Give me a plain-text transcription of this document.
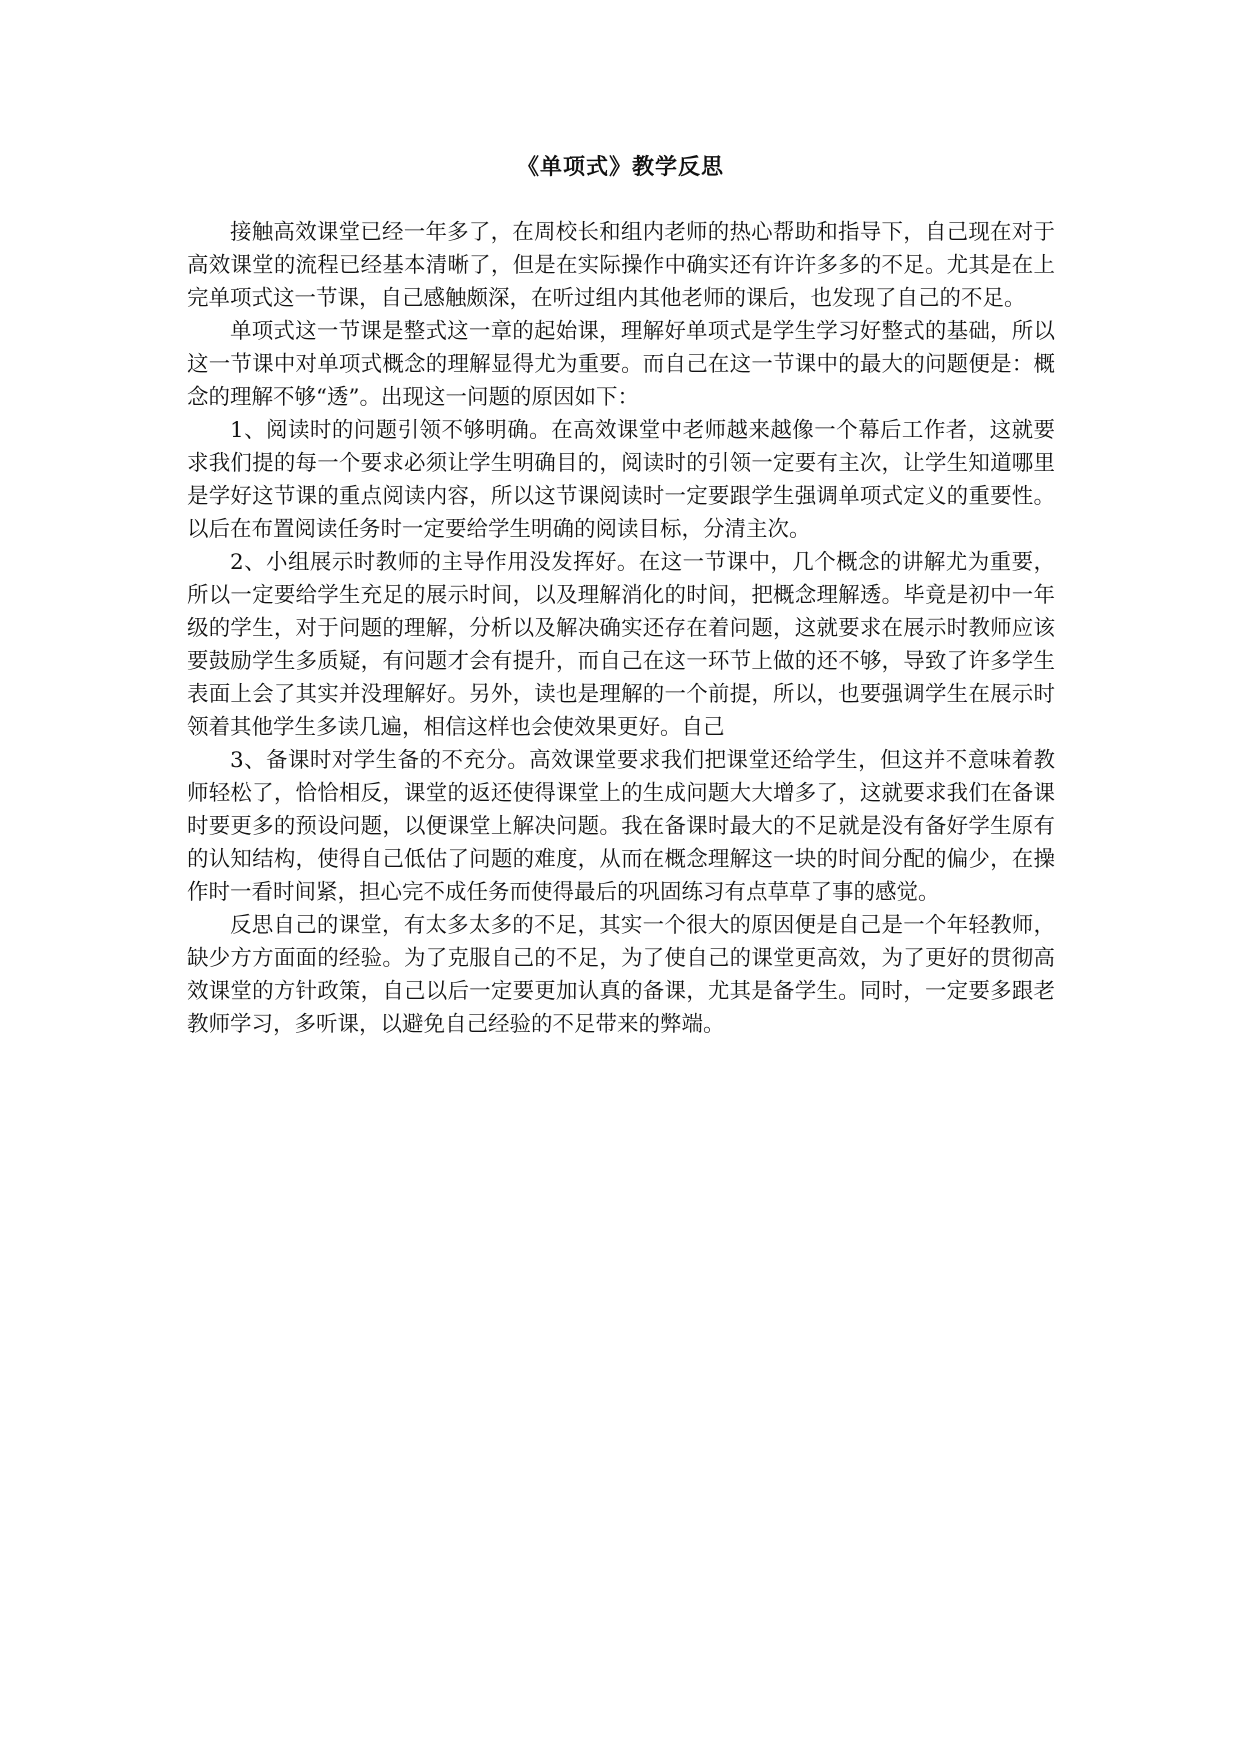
《单项式》教学反思

接触高效课堂已经一年多了，在周校长和组内老师的热心帮助和指导下，自己现在对于高效课堂的流程已经基本清晰了，但是在实际操作中确实还有许许多多的不足。尤其是在上完单项式这一节课，自己感触颇深，在听过组内其他老师的课后，也发现了自己的不足。

单项式这一节课是整式这一章的起始课，理解好单项式是学生学习好整式的基础，所以这一节课中对单项式概念的理解显得尤为重要。而自己在这一节课中的最大的问题便是：概念的理解不够“透”。出现这一问题的原因如下：

1、阅读时的问题引领不够明确。在高效课堂中老师越来越像一个幕后工作者，这就要求我们提的每一个要求必须让学生明确目的，阅读时的引领一定要有主次，让学生知道哪里是学好这节课的重点阅读内容，所以这节课阅读时一定要跟学生强调单项式定义的重要性。以后在布置阅读任务时一定要给学生明确的阅读目标，分清主次。

2、小组展示时教师的主导作用没发挥好。在这一节课中，几个概念的讲解尤为重要，所以一定要给学生充足的展示时间，以及理解消化的时间，把概念理解透。毕竟是初中一年级的学生，对于问题的理解，分析以及解决确实还存在着问题，这就要求在展示时教师应该要鼓励学生多质疑，有问题才会有提升，而自己在这一环节上做的还不够，导致了许多学生表面上会了其实并没理解好。另外，读也是理解的一个前提，所以，也要强调学生在展示时领着其他学生多读几遍，相信这样也会使效果更好。自己

3、备课时对学生备的不充分。高效课堂要求我们把课堂还给学生，但这并不意味着教师轻松了，恰恰相反，课堂的返还使得课堂上的生成问题大大增多了，这就要求我们在备课时要更多的预设问题，以便课堂上解决问题。我在备课时最大的不足就是没有备好学生原有的认知结构，使得自己低估了问题的难度，从而在概念理解这一块的时间分配的偏少，在操作时一看时间紧，担心完不成任务而使得最后的巩固练习有点草草了事的感觉。

反思自己的课堂，有太多太多的不足，其实一个很大的原因便是自己是一个年轻教师，缺少方方面面的经验。为了克服自己的不足，为了使自己的课堂更高效，为了更好的贯彻高效课堂的方针政策，自己以后一定要更加认真的备课，尤其是备学生。同时，一定要多跟老教师学习，多听课，以避免自己经验的不足带来的弊端。
